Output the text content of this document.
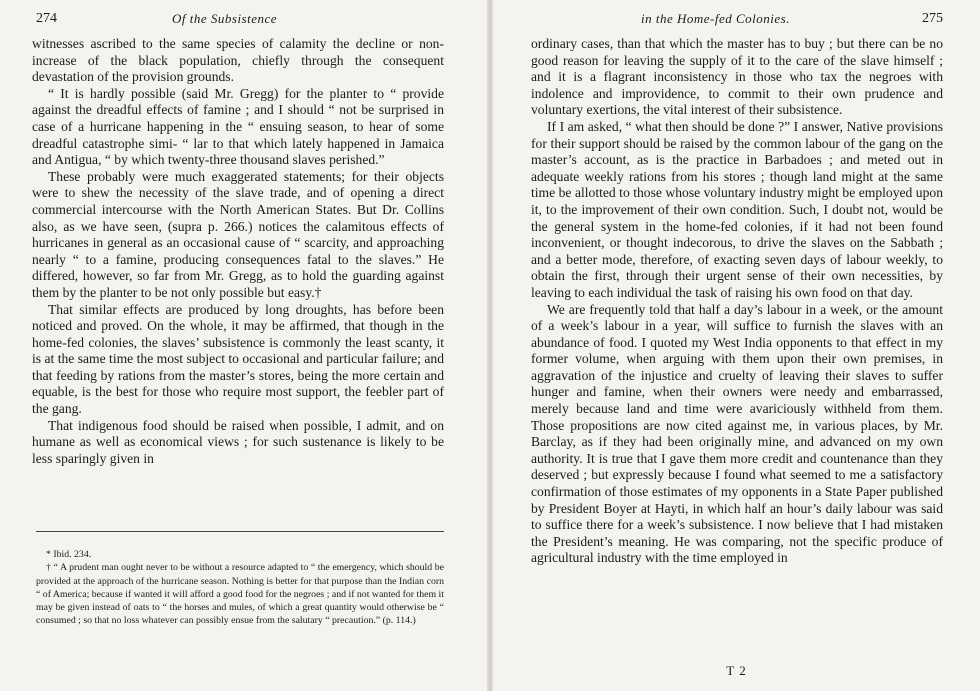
274	Of the Subsistence

witnesses ascribed to the same species of calamity the decline or non-increase of the black population, chiefly through the consequent devastation of the provision grounds.

“ It is hardly possible (said Mr. Gregg) for the planter to “ provide against the dreadful effects of famine ; and I should “ not be surprised in case of a hurricane happening in the “ ensuing season, to hear of some dreadful catastrophe simi- “ lar to that which lately happened in Jamaica and Antigua, “ by which twenty-three thousand slaves perished.”

These probably were much exaggerated statements; for their objects were to shew the necessity of the slave trade, and of opening a direct commercial intercourse with the North American States. But Dr. Collins also, as we have seen, (supra p. 266.) notices the calamitous effects of hurricanes in general as an occasional cause of “ scarcity, and approaching nearly “ to a famine, producing consequences fatal to the slaves.” He differed, however, so far from Mr. Gregg, as to hold the guarding against them by the planter to be not only possible but easy.†

That similar effects are produced by long droughts, has before been noticed and proved. On the whole, it may be affirmed, that though in the home-fed colonies, the slaves’ subsistence is commonly the least scanty, it is at the same time the most subject to occasional and particular failure; and that feeding by rations from the master’s stores, being the more certain and equable, is the best for those who require most support, the feebler part of the gang.

That indigenous food should be raised when possible, I admit, and on humane as well as economical views ; for such sustenance is likely to be less sparingly given in

* Ibid. 234.

† “ A prudent man ought never to be without a resource adapted to “ the emergency, which should be provided at the approach of the hurricane season. Nothing is better for that purpose than the Indian corn “ of America; because if wanted it will afford a good food for the negroes ; and if not wanted for them it may be given instead of oats to “ the horses and mules, of which a great quantity would otherwise be “ consumed ; so that no loss whatever can possibly ensue from the salutary “ precaution.” (p. 114.)

in the Home-fed Colonies.	275

ordinary cases, than that which the master has to buy ; but there can be no good reason for leaving the supply of it to the care of the slave himself ; and it is a flagrant inconsistency in those who tax the negroes with indolence and improvidence, to commit to their own prudence and voluntary exertions, the vital interest of their subsistence.

If I am asked, “ what then should be done ?” I answer, Native provisions for their support should be raised by the common labour of the gang on the master’s account, as is the practice in Barbadoes ; and meted out in adequate weekly rations from his stores ; though land might at the same time be allotted to those whose voluntary industry might be employed upon it, to the improvement of their own condition. Such, I doubt not, would be the general system in the home-fed colonies, if it had not been found inconvenient, or thought indecorous, to drive the slaves on the Sabbath ; and a better mode, therefore, of exacting seven days of labour weekly, to obtain the first, through their urgent sense of their own necessities, by leaving to each individual the task of raising his own food on that day.

We are frequently told that half a day’s labour in a week, or the amount of a week’s labour in a year, will suffice to furnish the slaves with an abundance of food. I quoted my West India opponents to that effect in my former volume, when arguing with them upon their own premises, in aggravation of the injustice and cruelty of leaving their slaves to suffer hunger and famine, when their owners were needy and embarrassed, merely because land and time were avariciously withheld from them. Those propositions are now cited against me, in various places, by Mr. Barclay, as if they had been originally mine, and advanced on my own authority. It is true that I gave them more credit and countenance than they deserved ; but expressly because I found what seemed to me a satisfactory confirmation of those estimates of my opponents in a State Paper published by President Boyer at Hayti, in which half an hour’s daily labour was said to suffice there for a week’s subsistence. I now believe that I had mistaken the President’s meaning. He was comparing, not the specific produce of agricultural industry with the time employed in

T 2
